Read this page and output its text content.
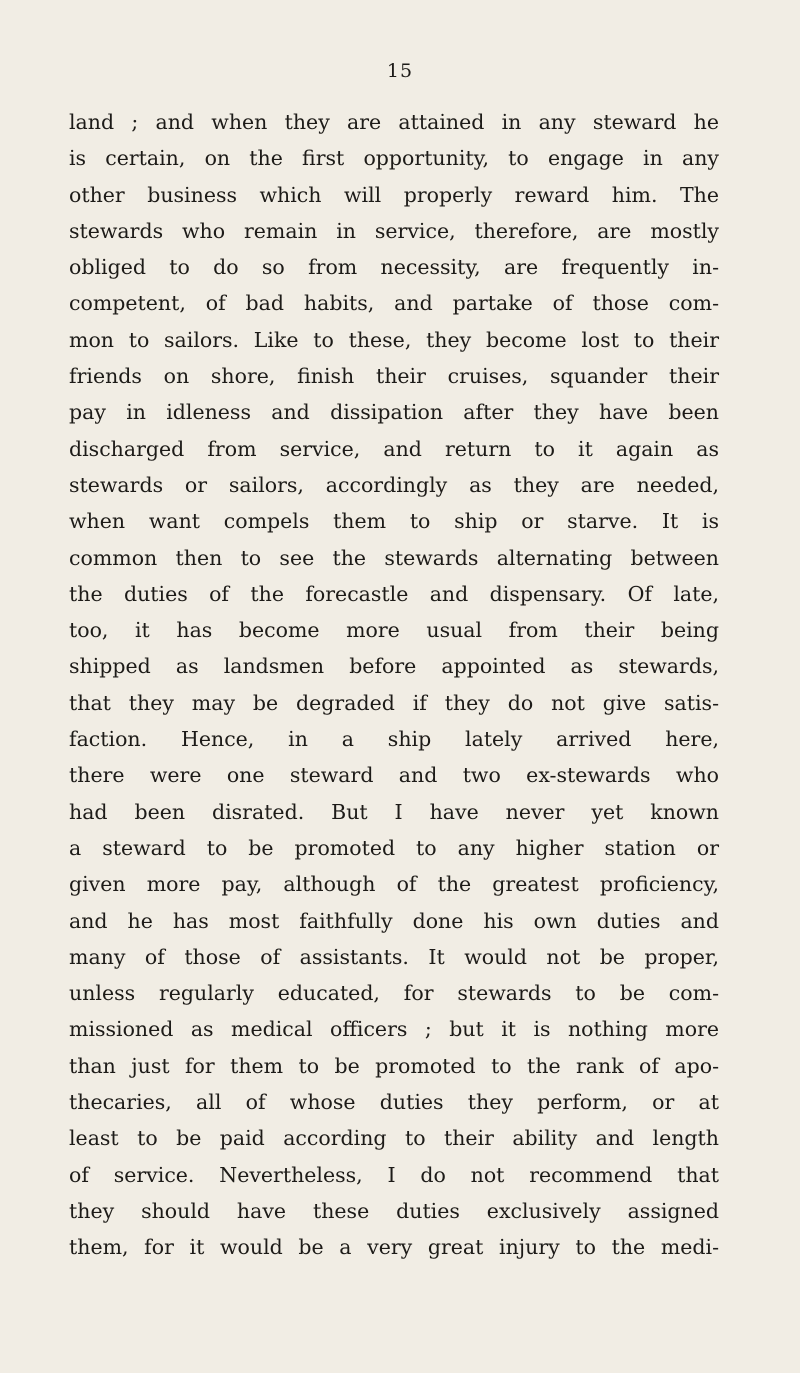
15
land ; and when they are attained in any steward he
is certain, on the first opportunity, to engage in any
other business which will properly reward him. The
stewards who remain in service, therefore, are mostly
obliged to do so from necessity, are frequently in-
competent, of bad habits, and partake of those com-
mon to sailors. Like to these, they become lost to their
friends on shore, finish their cruises, squander their
pay in idleness and dissipation after they have been
discharged from service, and return to it again as
stewards or sailors, accordingly as they are needed,
when want compels them to ship or starve. It is
common then to see the stewards alternating between
the duties of the forecastle and dispensary. Of late,
too, it has become more usual from their being
shipped as landsmen before appointed as stewards,
that they may be degraded if they do not give satis-
faction. Hence, in a ship lately arrived here,
there were one steward and two ex-stewards who
had been disrated. But I have never yet known
a steward to be promoted to any higher station or
given more pay, although of the greatest proficiency,
and he has most faithfully done his own duties and
many of those of assistants. It would not be proper,
unless regularly educated, for stewards to be com-
missioned as medical officers ; but it is nothing more
than just for them to be promoted to the rank of apo-
thecaries, all of whose duties they perform, or at
least to be paid according to their ability and length
of service. Nevertheless, I do not recommend that
they should have these duties exclusively assigned
them, for it would be a very great injury to the medi-
